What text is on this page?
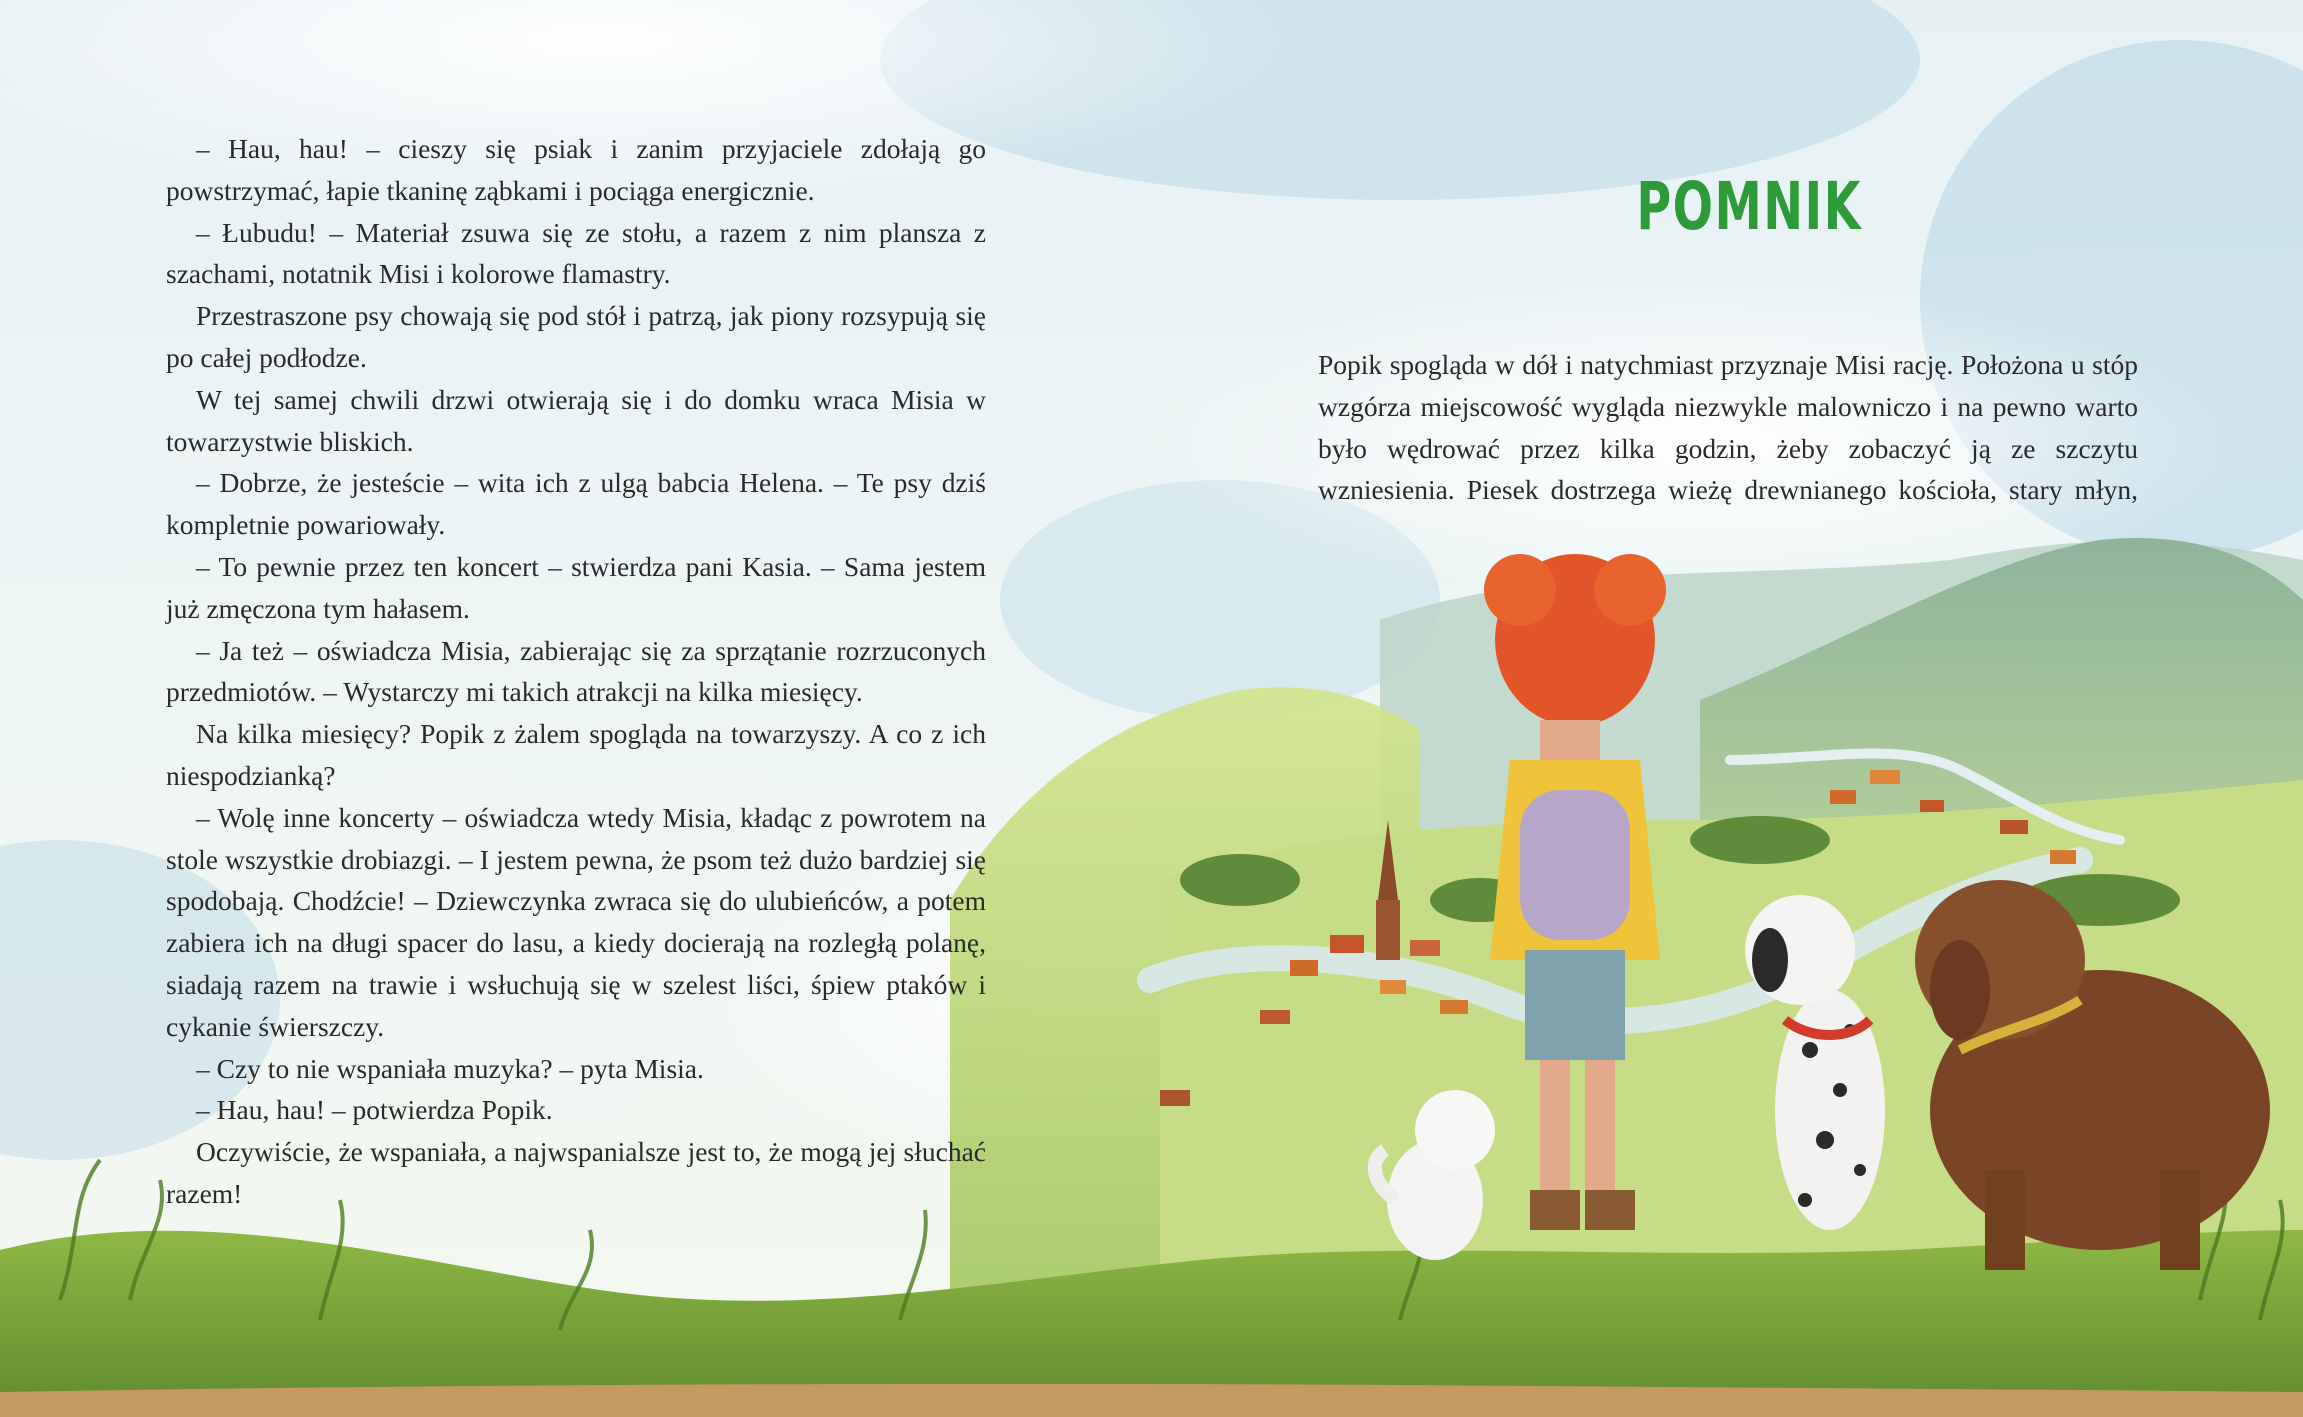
– Hau, hau! – cieszy się psiak i zanim przyjaciele zdołają go powstrzymać, łapie tkaninę ząbkami i pociąga energicznie.

– Łubudu! – Materiał zsuwa się ze stołu, a razem z nim plansza z szachami, notatnik Misi i kolorowe flamastry.

Przestraszone psy chowają się pod stół i patrzą, jak piony rozsypują się po całej podłodze.

W tej samej chwili drzwi otwierają się i do domku wraca Misia w towarzystwie bliskich.

– Dobrze, że jesteście – wita ich z ulgą babcia Helena. – Te psy dziś kompletnie powariowały.

– To pewnie przez ten koncert – stwierdza pani Kasia. – Sama jestem już zmęczona tym hałasem.

– Ja też – oświadcza Misia, zabierając się za sprzątanie rozrzuconych przedmiotów. – Wystarczy mi takich atrakcji na kilka miesięcy.

Na kilka miesięcy? Popik z żalem spogląda na towarzyszy. A co z ich niespodzianką?

– Wolę inne koncerty – oświadcza wtedy Misia, kładąc z powrotem na stole wszystkie drobiazgi. – I jestem pewna, że psom też dużo bardziej się spodobają. Chodźcie! – Dziewczynka zwraca się do ulubieńców, a potem zabiera ich na długi spacer do lasu, a kiedy docierają na rozległą polanę, siadają razem na trawie i wsłuchują się w szelest liści, śpiew ptaków i cykanie świerszczy.

– Czy to nie wspaniała muzyka? – pyta Misia.

– Hau, hau! – potwierdza Popik.

Oczywiście, że wspaniała, a najwspanialsze jest to, że mogą jej słuchać razem!

POMNIK

Popik spogląda w dół i natychmiast przyznaje Misi rację. Położona u stóp wzgórza miejscowość wygląda niezwykle malowniczo i na pewno warto było wędrować przez kilka godzin, żeby zobaczyć ją ze szczytu wzniesienia. Piesek dostrzega wieżę drewnianego kościoła, stary młyn,
